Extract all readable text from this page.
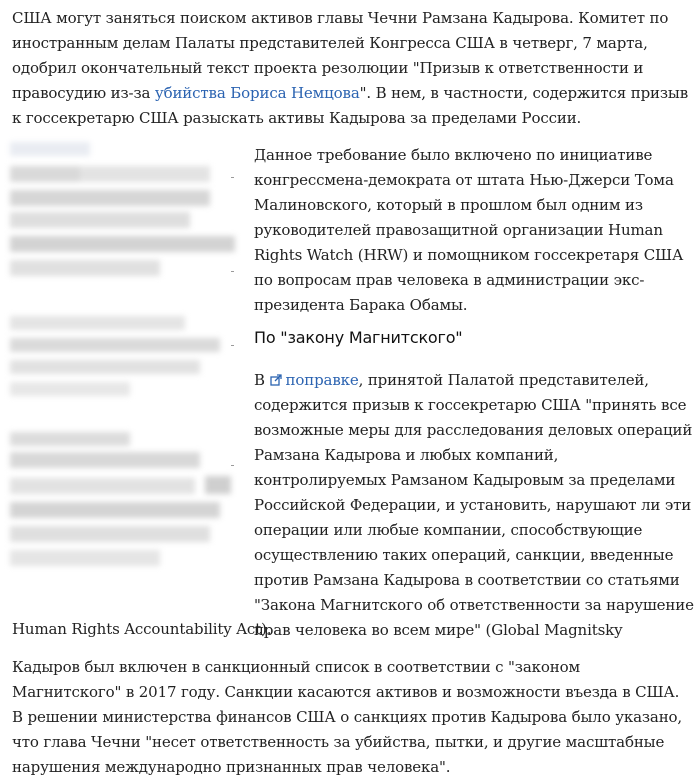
США могут заняться поиском активов главы Чечни Рамзана Кадырова. Комитет по иностранным делам Палаты представителей Конгресса США в четверг, 7 марта, одобрил окончательный текст проекта резолюции "Призыв к ответственности и правосудию из-за убийства Бориса Немцова". В нем, в частности, содержится призыв к госсекретарю США разыскать активы Кадырова за пределами России.

Данное требование было включено по инициативе конгрессмена-демократа от штата Нью-Джерси Тома Малиновского, который в прошлом был одним из руководителей правозащитной организации Human Rights Watch (HRW) и помощником госсекретаря США по вопросам прав человека в администрации экс-президента Барака Обамы.

По "закону Магнитского"

В поправке, принятой Палатой представителей, содержится призыв к госсекретарю США "принять все возможные меры для расследования деловых операций Рамзана Кадырова и любых компаний, контролируемых Рамзаном Кадыровым за пределами Российской Федерации, и установить, нарушают ли эти операции или любые компании, способствующие осуществлению таких операций, санкции, введенные против Рамзана Кадырова в соответствии со статьями "Закона Магнитского об ответственности за нарушение прав человека во всем мире" (Global Magnitsky

Human Rights Accountability Act).

Кадыров был включен в санкционный список в соответствии с "законом Магнитского" в 2017 году. Санкции касаются активов и возможности въезда в США. В решении министерства финансов США о санкциях против Кадырова было указано, что глава Чечни "несет ответственность за убийства, пытки, и другие масштабные нарушения международно признанных прав человека".
